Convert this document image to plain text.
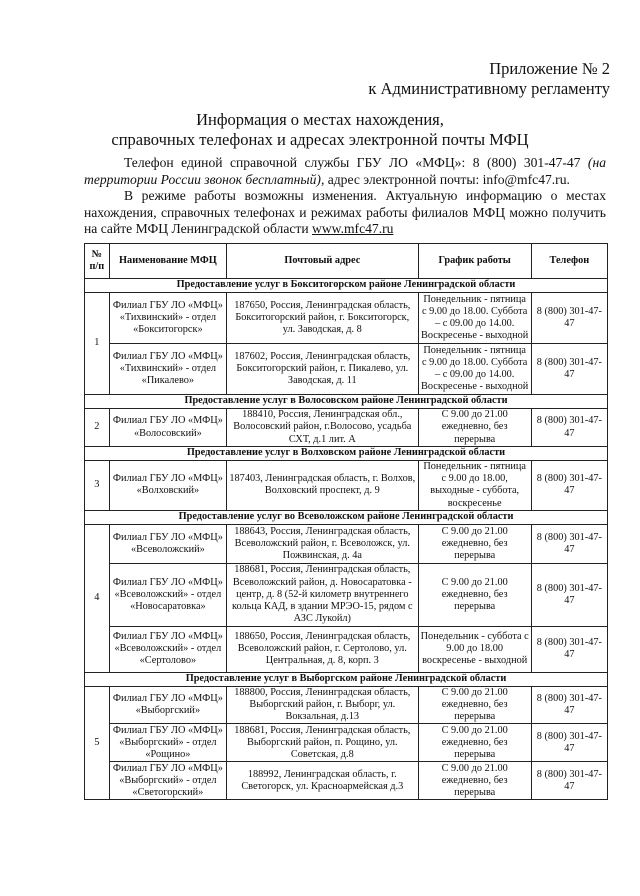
Приложение № 2
к Административному регламенту
Информация о местах нахождения,
справочных телефонах и адресах электронной почты МФЦ

Телефон единой справочной службы ГБУ ЛО «МФЦ»: 8 (800) 301-47-47 (на территории России звонок бесплатный), адрес электронной почты: info@mfc47.ru.

В режиме работы возможны изменения. Актуальную информацию о местах нахождения, справочных телефонах и режимах работы филиалов МФЦ можно получить на сайте МФЦ Ленинградской области www.mfc47.ru

№ п/п	Наименование МФЦ	Почтовый адрес	График работы	Телефон
Предоставление услуг в Бокситогорском районе Ленинградской области				
1	Филиал ГБУ ЛО «МФЦ» «Тихвинский» - отдел «Бокситогорск»	187650, Россия, Ленинградская область, Бокситогорский район, г. Бокситогорск, ул. Заводская, д. 8	Понедельник - пятница с 9.00 до 18.00. Суббота – с 09.00 до 14.00. Воскресенье - выходной	8 (800) 301-47-47
	Филиал ГБУ ЛО «МФЦ» «Тихвинский» - отдел «Пикалево»	187602, Россия, Ленинградская область, Бокситогорский район, г. Пикалево, ул. Заводская, д. 11	Понедельник - пятница с 9.00 до 18.00. Суббота – с 09.00 до 14.00. Воскресенье - выходной	8 (800) 301-47-47
Предоставление услуг в Волосовском районе Ленинградской области				
2	Филиал ГБУ ЛО «МФЦ» «Волосовский»	188410, Россия, Ленинградская обл., Волосовский район, г.Волосово, усадьба СХТ, д.1 лит. А	С 9.00 до 21.00 ежедневно, без перерыва	8 (800) 301-47-47
Предоставление услуг в Волховском районе Ленинградской области				
3	Филиал ГБУ ЛО «МФЦ» «Волховский»	187403, Ленинградская область, г. Волхов, Волховский проспект, д. 9	Понедельник - пятница с 9.00 до 18.00, выходные - суббота, воскресенье	8 (800) 301-47-47
Предоставление услуг во Всеволожском районе Ленинградской области				
4	Филиал ГБУ ЛО «МФЦ» «Всеволожский»	188643, Россия, Ленинградская область, Всеволожский район, г. Всеволожск, ул. Пожвинская, д. 4а	С 9.00 до 21.00 ежедневно, без перерыва	8 (800) 301-47-47
	Филиал ГБУ ЛО «МФЦ» «Всеволожский» - отдел «Новосаратовка»	188681, Россия, Ленинградская область, Всеволожский район, д. Новосаратовка - центр, д. 8 (52-й километр внутреннего кольца КАД, в здании МРЭО-15, рядом с АЗС Лукойл)	С 9.00 до 21.00 ежедневно, без перерыва	8 (800) 301-47-47
	Филиал ГБУ ЛО «МФЦ» «Всеволожский» - отдел «Сертолово»	188650, Россия, Ленинградская область, Всеволожский район, г. Сертолово, ул. Центральная, д. 8, корп. 3	Понедельник - суббота с 9.00 до 18.00 воскресенье - выходной	8 (800) 301-47-47
Предоставление услуг в Выборгском районе Ленинградской области				
5	Филиал ГБУ ЛО «МФЦ» «Выборгский»	188800, Россия, Ленинградская область, Выборгский район, г. Выборг, ул. Вокзальная, д.13	С 9.00 до 21.00 ежедневно, без перерыва	8 (800) 301-47-47
	Филиал ГБУ ЛО «МФЦ» «Выборгский» - отдел «Рощино»	188681, Россия, Ленинградская область, Выборгский район, п. Рощино, ул. Советская, д.8	С 9.00 до 21.00 ежедневно, без перерыва	8 (800) 301-47-47
	Филиал ГБУ ЛО «МФЦ» «Выборгский» - отдел «Светогорский»	188992, Ленинградская область, г. Светогорск, ул. Красноармейская д.3	С 9.00 до 21.00 ежедневно, без перерыва	8 (800) 301-47-47
